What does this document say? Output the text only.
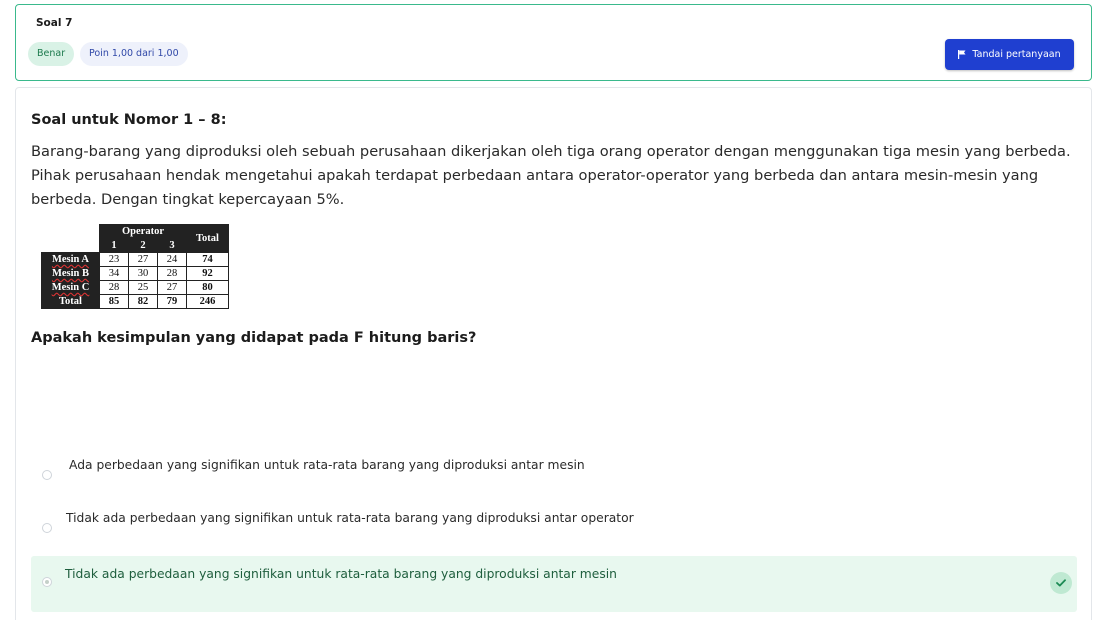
Soal 7
Benar	Poin 1,00 dari 1,00	Tandai pertanyaan
Soal untuk Nomor 1 – 8:
Barang-barang yang diproduksi oleh sebuah perusahaan dikerjakan oleh tiga orang operator dengan menggunakan tiga mesin yang berbeda. Pihak perusahaan hendak mengetahui apakah terdapat perbedaan antara operator-operator yang berbeda dan antara mesin-mesin yang berbeda. Dengan tingkat kepercayaan 5%.
	Operator			Total
	1	2	3	
Mesin A	23	27	24	74
Mesin B	34	30	28	92
Mesin C	28	25	27	80
Total	85	82	79	246
Apakah kesimpulan yang didapat pada F hitung baris?
Ada perbedaan yang signifikan untuk rata-rata barang yang diproduksi antar mesin
Tidak ada perbedaan yang signifikan untuk rata-rata barang yang diproduksi antar operator
Tidak ada perbedaan yang signifikan untuk rata-rata barang yang diproduksi antar mesin
